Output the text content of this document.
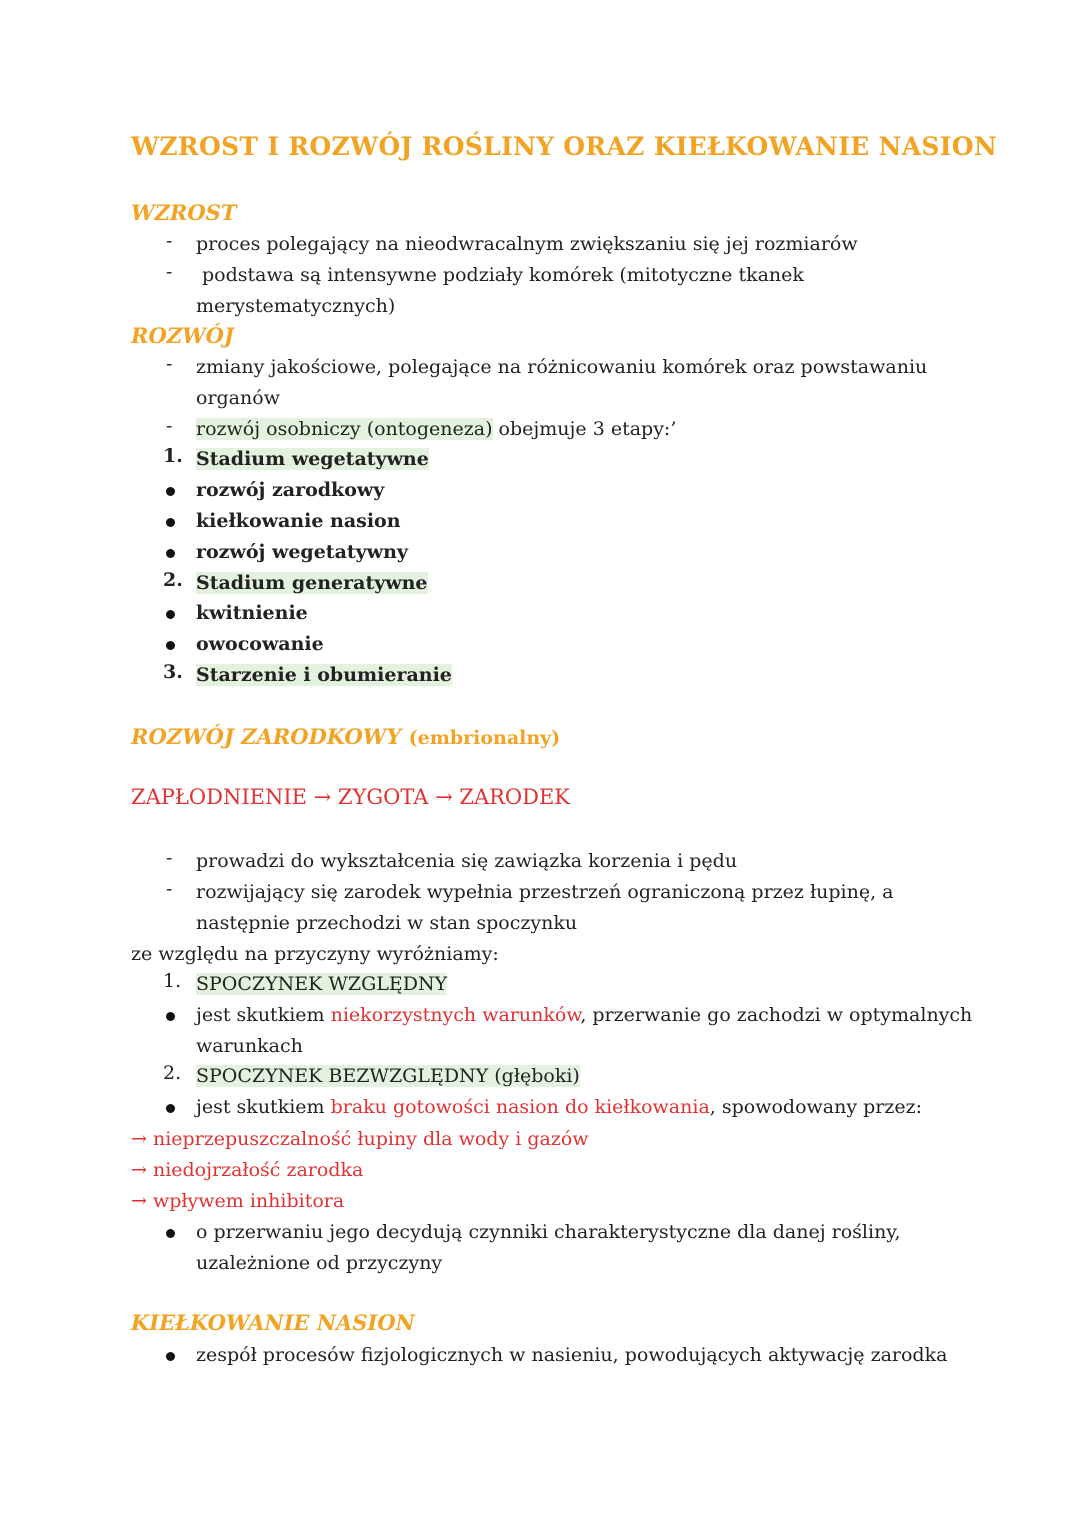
WZROST I ROZWÓJ ROŚLINY ORAZ KIEŁKOWANIE NASION
WZROST
- proces polegający na nieodwracalnym zwiększaniu się jej rozmiarów
- podstawa są intensywne podziały komórek (mitotyczne tkanek
merystematycznych)
ROZWÓJ
- zmiany jakościowe, polegające na różnicowaniu komórek oraz powstawaniu
organów
- rozwój osobniczy (ontogeneza) obejmuje 3 etapy:’
1. Stadium wegetatywne
rozwój zarodkowy
kiełkowanie nasion
rozwój wegetatywny
2. Stadium generatywne
kwitnienie
owocowanie
3. Starzenie i obumieranie
ROZWÓJ ZARODKOWY (embrionalny)
ZAPŁODNIENIE → ZYGOTA → ZARODEK
- prowadzi do wykształcenia się zawiązka korzenia i pędu
- rozwijający się zarodek wypełnia przestrzeń ograniczoną przez łupinę, a
następnie przechodzi w stan spoczynku
ze względu na przyczyny wyróżniamy:
1. SPOCZYNEK WZGLĘDNY
jest skutkiem niekorzystnych warunków, przerwanie go zachodzi w optymalnych
warunkach
2. SPOCZYNEK BEZWZGLĘDNY (głęboki)
jest skutkiem braku gotowości nasion do kiełkowania, spowodowany przez:
→ nieprzepuszczalność łupiny dla wody i gazów
→ niedojrzałość zarodka
→ wpływem inhibitora
o przerwaniu jego decydują czynniki charakterystyczne dla danej rośliny,
uzależnione od przyczyny
KIEŁKOWANIE NASION
zespół procesów fizjologicznych w nasieniu, powodujących aktywację zarodka
